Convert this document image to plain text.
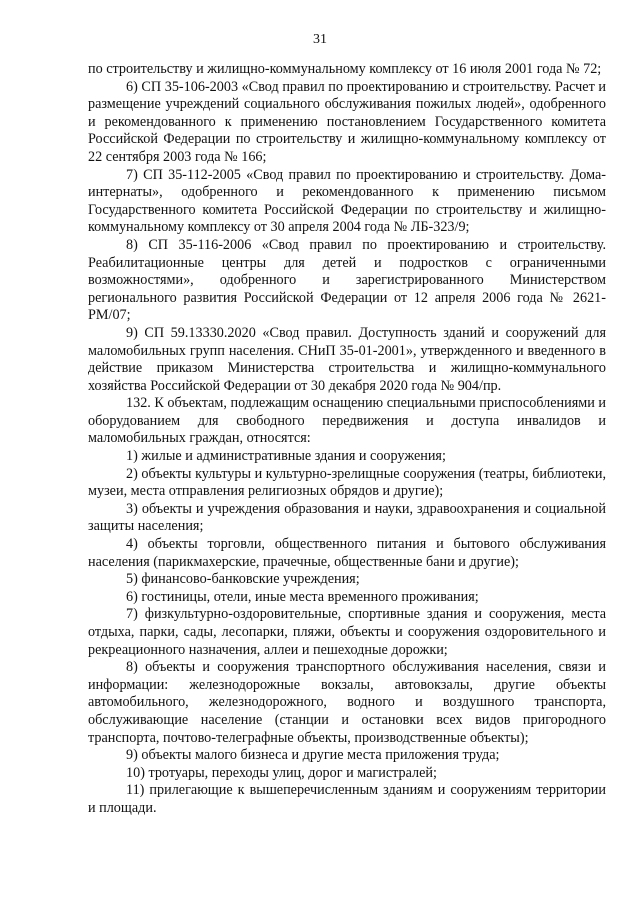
31

по строительству и жилищно-коммунальному комплексу от 16 июля 2001 года № 72;

6) СП 35-106-2003 «Свод правил по проектированию и строительству. Расчет и размещение учреждений социального обслуживания пожилых людей», одобренного и рекомендованного к применению постановлением Государственного комитета Российской Федерации по строительству и жилищно-коммунальному комплексу от 22 сентября 2003 года № 166;

7) СП 35-112-2005 «Свод правил по проектированию и строительству. Дома-интернаты», одобренного и рекомендованного к применению письмом Государственного комитета Российской Федерации по строительству и жилищно-коммунальному комплексу от 30 апреля 2004 года № ЛБ-323/9;

8) СП 35-116-2006 «Свод правил по проектированию и строительству. Реабилитационные центры для детей и подростков с ограниченными возможностями», одобренного и зарегистрированного Министерством регионального развития Российской Федерации от 12 апреля 2006 года № 2621-РМ/07;

9) СП 59.13330.2020 «Свод правил. Доступность зданий и сооружений для маломобильных групп населения. СНиП 35-01-2001», утвержденного и введенного в действие приказом Министерства строительства и жилищно-коммунального хозяйства Российской Федерации от 30 декабря 2020 года № 904/пр.

132. К объектам, подлежащим оснащению специальными приспособлениями и оборудованием для свободного передвижения и доступа инвалидов и маломобильных граждан, относятся:

1) жилые и административные здания и сооружения;

2) объекты культуры и культурно-зрелищные сооружения (театры, библиотеки, музеи, места отправления религиозных обрядов и другие);

3) объекты и учреждения образования и науки, здравоохранения и социальной защиты населения;

4) объекты торговли, общественного питания и бытового обслуживания населения (парикмахерские, прачечные, общественные бани и другие);

5) финансово-банковские учреждения;

6) гостиницы, отели, иные места временного проживания;

7) физкультурно-оздоровительные, спортивные здания и сооружения, места отдыха, парки, сады, лесопарки, пляжи, объекты и сооружения оздоровительного и рекреационного назначения, аллеи и пешеходные дорожки;

8) объекты и сооружения транспортного обслуживания населения, связи и информации: железнодорожные вокзалы, автовокзалы, другие объекты автомобильного, железнодорожного, водного и воздушного транспорта, обслуживающие население (станции и остановки всех видов пригородного транспорта, почтово-телеграфные объекты, производственные объекты);

9) объекты малого бизнеса и другие места приложения труда;

10) тротуары, переходы улиц, дорог и магистралей;

11) прилегающие к вышеперечисленным зданиям и сооружениям территории и площади.
